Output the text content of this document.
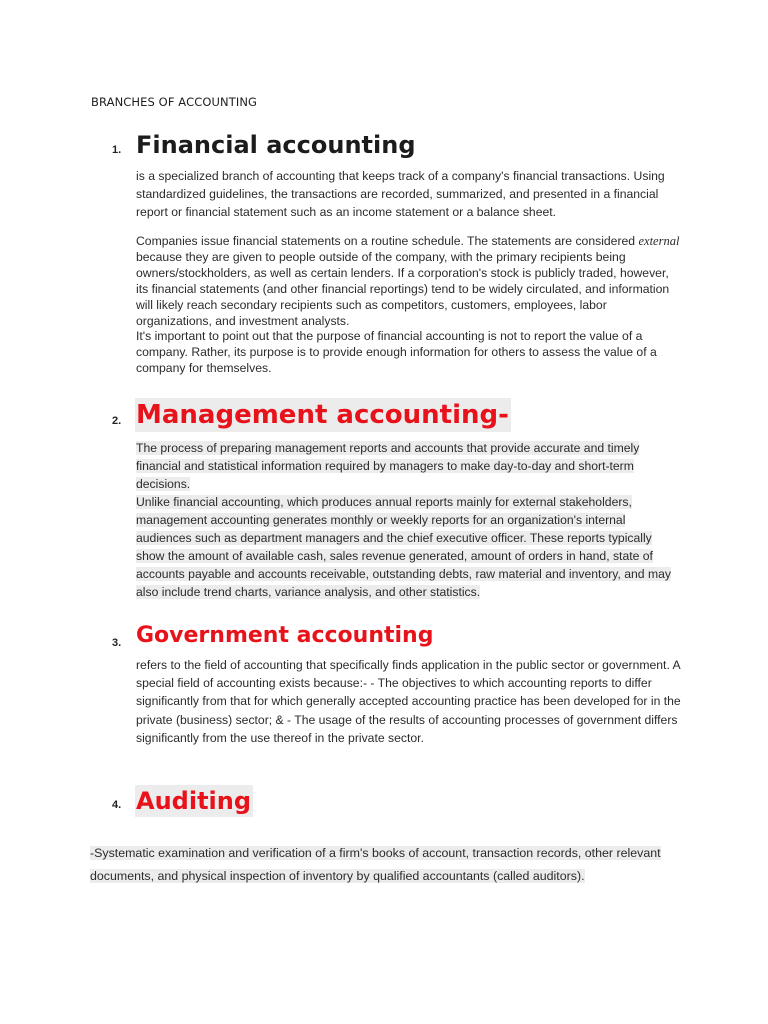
BRANCHES OF ACCOUNTING
1. Financial accounting

is a specialized branch of accounting that keeps track of a company's financial transactions. Using standardized guidelines, the transactions are recorded, summarized, and presented in a financial report or financial statement such as an income statement or a balance sheet.

Companies issue financial statements on a routine schedule. The statements are considered external because they are given to people outside of the company, with the primary recipients being owners/stockholders, as well as certain lenders. If a corporation's stock is publicly traded, however, its financial statements (and other financial reportings) tend to be widely circulated, and information will likely reach secondary recipients such as competitors, customers, employees, labor organizations, and investment analysts.

It's important to point out that the purpose of financial accounting is not to report the value of a company. Rather, its purpose is to provide enough information for others to assess the value of a company for themselves.

2. Management accounting-

The process of preparing management reports and accounts that provide accurate and timely financial and statistical information required by managers to make day-to-day and short-term decisions.

Unlike financial accounting, which produces annual reports mainly for external stakeholders, management accounting generates monthly or weekly reports for an organization's internal audiences such as department managers and the chief executive officer. These reports typically show the amount of available cash, sales revenue generated, amount of orders in hand, state of accounts payable and accounts receivable, outstanding debts, raw material and inventory, and may also include trend charts, variance analysis, and other statistics.

3. Government accounting
refers to the field of accounting that specifically finds application in the public sector or government. A special field of accounting exists because:- - The objectives to which accounting reports to differ significantly from that for which generally accepted accounting practice has been developed for in the private (business) sector; & - The usage of the results of accounting processes of government differs significantly from the use thereof in the private sector.
4. Auditing
-Systematic examination and verification of a firm's books of account, transaction records, other relevant documents, and physical inspection of inventory by qualified accountants (called auditors).
